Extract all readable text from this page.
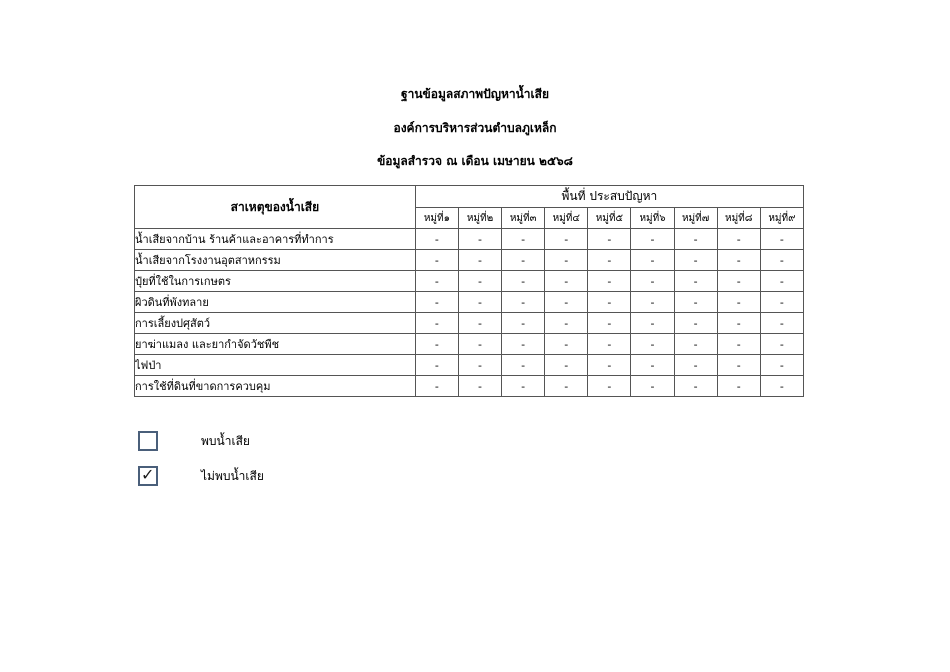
ฐานข้อมูลสภาพปัญหาน้ำเสีย
องค์การบริหารส่วนตำบลภูเหล็ก
ข้อมูลสำรวจ ณ เดือน เมษายน ๒๕๖๘
สาเหตุของน้ำเสีย	พื้นที่ ประสบปัญหา								
	หมู่ที่๑	หมู่ที่๒	หมู่ที่๓	หมู่ที่๔	หมู่ที่๕	หมู่ที่๖	หมู่ที่๗	หมู่ที่๘	หมู่ที่๙
น้ำเสียจากบ้าน ร้านค้าและอาคารที่ทำการ	-	-	-	-	-	-	-	-	-
น้ำเสียจากโรงงานอุตสาหกรรม	-	-	-	-	-	-	-	-	-
ปุ๋ยที่ใช้ในการเกษตร	-	-	-	-	-	-	-	-	-
ผิวดินที่พังทลาย	-	-	-	-	-	-	-	-	-
การเลี้ยงปศุสัตว์	-	-	-	-	-	-	-	-	-
ยาฆ่าแมลง และยากำจัดวัชพืช	-	-	-	-	-	-	-	-	-
ไฟป่า	-	-	-	-	-	-	-	-	-
การใช้ที่ดินที่ขาดการควบคุม	-	-	-	-	-	-	-	-	-
พบน้ำเสีย
✓	ไม่พบน้ำเสีย
